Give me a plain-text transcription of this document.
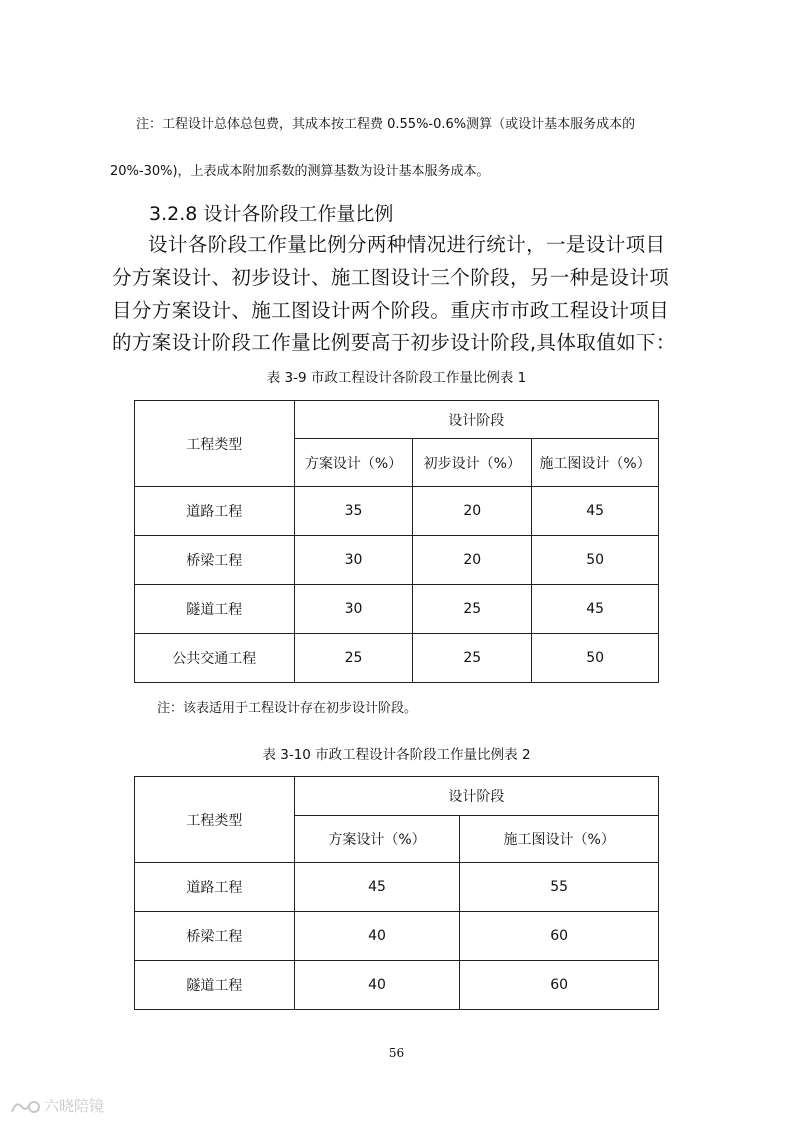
注：工程设计总体总包费，其成本按工程费 0.55%-0.6%测算（或设计基本服务成本的
20%-30%)，上表成本附加系数的测算基数为设计基本服务成本。
3.2.8 设计各阶段工作量比例
设计各阶段工作量比例分两种情况进行统计，一是设计项目
分方案设计、初步设计、施工图设计三个阶段，另一种是设计项
目分方案设计、施工图设计两个阶段。重庆市市政工程设计项目
的方案设计阶段工作量比例要高于初步设计阶段,具体取值如下：
表 3-9 市政工程设计各阶段工作量比例表 1
工程类型	设计阶段		
	方案设计（%）	初步设计（%）	施工图设计（%）
道路工程	35	20	45
桥梁工程	30	20	50
隧道工程	30	25	45
公共交通工程	25	25	50
注：该表适用于工程设计存在初步设计阶段。
表 3-10 市政工程设计各阶段工作量比例表 2
工程类型	设计阶段	
	方案设计（%）	施工图设计（%）
道路工程	45	55
桥梁工程	40	60
隧道工程	40	60
56
六晓陪镜
